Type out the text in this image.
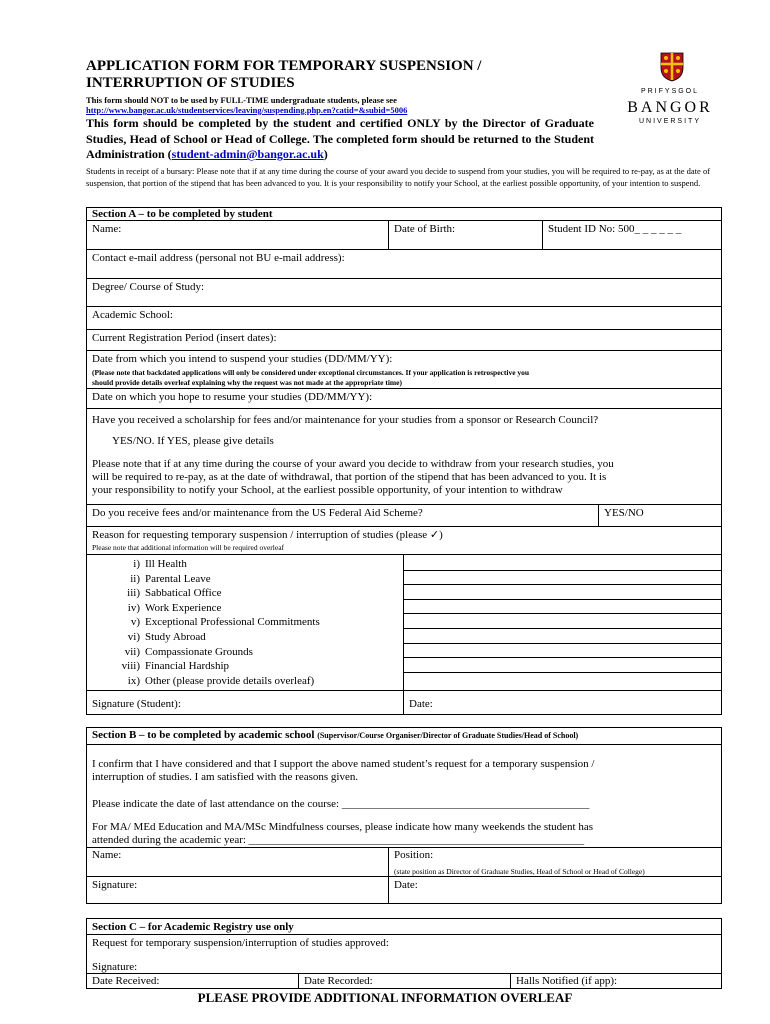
APPLICATION FORM FOR TEMPORARY SUSPENSION /
INTERRUPTION OF STUDIES
This form should NOT to be used by FULL-TIME undergraduate students, please see
http://www.bangor.ac.uk/studentservices/leaving/suspending.php.en?catid=&subid=5006
This form should be completed by the student and certified ONLY by the Director of Graduate Studies, Head of School or Head of College. The completed form should be returned to the Student Administration (student-admin@bangor.ac.uk)
Students in receipt of a bursary: Please note that if at any time during the course of your award you decide to suspend from your studies, you will be required to re-pay, as at the date of suspension, that portion of the stipend that has been advanced to you. It is your responsibility to notify your School, at the earliest possible opportunity, of your intention to suspend.
PRIFYSGOL
BANGOR
UNIVERSITY
Section A – to be completed by student
Name:	Date of Birth:	Student ID No: 500_ _ _ _ _ _
Contact e-mail address (personal not BU e-mail address):
Degree/ Course of Study:
Academic School:
Current Registration Period (insert dates):
Date from which you intend to suspend your studies (DD/MM/YY):
(Please note that backdated applications will only be considered under exceptional circumstances. If your application is retrospective you
should provide details overleaf explaining why the request was not made at the appropriate time)
Date on which you hope to resume your studies (DD/MM/YY):
Have you received a scholarship for fees and/or maintenance for your studies from a sponsor or Research Council?
YES/NO. If YES, please give details
Please note that if at any time during the course of your award you decide to withdraw from your research studies, you
will be required to re-pay, as at the date of withdrawal, that portion of the stipend that has been advanced to you. It is
your responsibility to notify your School, at the earliest possible opportunity, of your intention to withdraw
Do you receive fees and/or maintenance from the US Federal Aid Scheme?	YES/NO
Reason for requesting temporary suspension / interruption of studies (please ✓)
Please note that additional information will be required overleaf
i) Ill Health
ii) Parental Leave
iii) Sabbatical Office
iv) Work Experience
v) Exceptional Professional Commitments
vi) Study Abroad
vii) Compassionate Grounds
viii) Financial Hardship
ix) Other (please provide details overleaf)
Signature (Student):	Date:
Section B – to be completed by academic school (Supervisor/Course Organiser/Director of Graduate Studies/Head of School)
I confirm that I have considered and that I support the above named student’s request for a temporary suspension /
interruption of studies. I am satisfied with the reasons given.
Please indicate the date of last attendance on the course: _____________________________________________
For MA/ MEd Education and MA/MSc Mindfulness courses, please indicate how many weekends the student has
attended during the academic year: _____________________________________________________________
Name:	Position:
(state position as Director of Graduate Studies, Head of School or Head of College)
Signature:	Date:
Section C – for Academic Registry use only
Request for temporary suspension/interruption of studies approved:
Signature:
Date Received:	Date Recorded:	Halls Notified (if app):
PLEASE PROVIDE ADDITIONAL INFORMATION OVERLEAF
